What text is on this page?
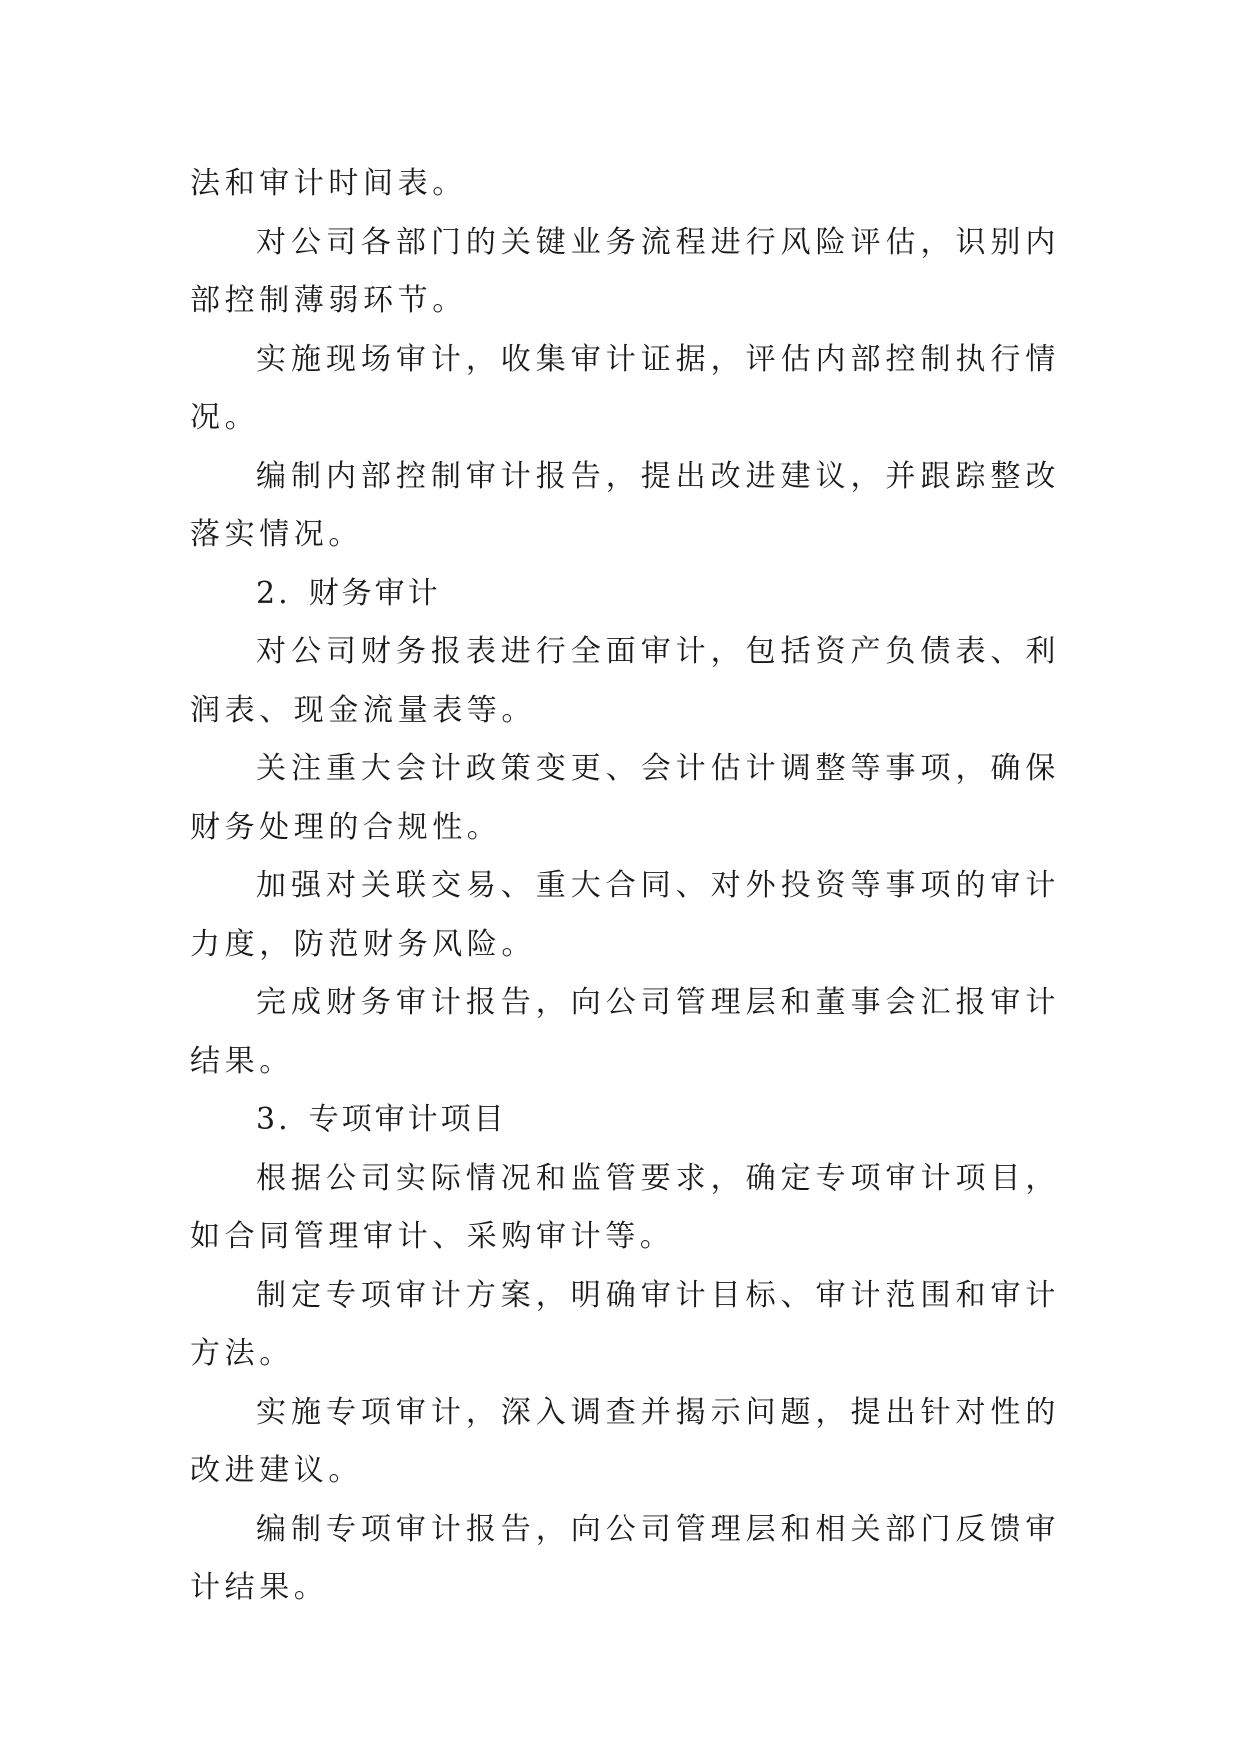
法和审计时间表。

对公司各部门的关键业务流程进行风险评估，识别内部控制薄弱环节。

实施现场审计，收集审计证据，评估内部控制执行情况。

编制内部控制审计报告，提出改进建议，并跟踪整改落实情况。

2. 财务审计

对公司财务报表进行全面审计，包括资产负债表、利润表、现金流量表等。

关注重大会计政策变更、会计估计调整等事项，确保财务处理的合规性。

加强对关联交易、重大合同、对外投资等事项的审计力度，防范财务风险。

完成财务审计报告，向公司管理层和董事会汇报审计结果。

3. 专项审计项目

根据公司实际情况和监管要求，确定专项审计项目，如合同管理审计、采购审计等。

制定专项审计方案，明确审计目标、审计范围和审计方法。

实施专项审计，深入调查并揭示问题，提出针对性的改进建议。

编制专项审计报告，向公司管理层和相关部门反馈审计结果。
